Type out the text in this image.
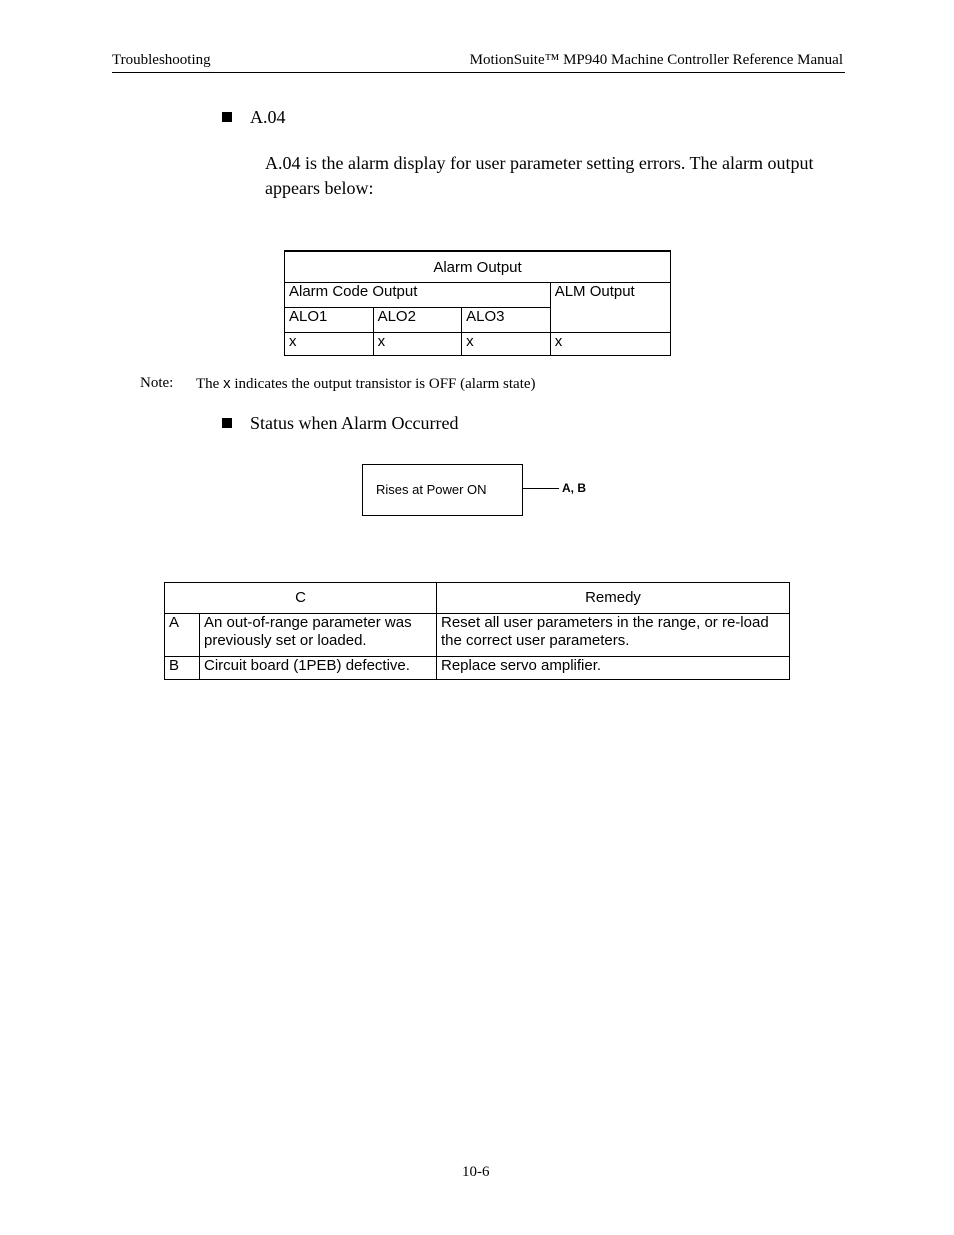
Troubleshooting	MotionSuite™ MP940 Machine Controller Reference Manual
A.04
A.04 is the alarm display for user parameter setting errors. The alarm output appears below:
Alarm Output			
Alarm Code Output			ALM Output
ALO1	ALO2	ALO3	
x	x	x	x
Note: The x indicates the output transistor is OFF (alarm state)
Status when Alarm Occurred
Rises at Power ON	A, B
C		Remedy
A	An out-of-range parameter was previously set or loaded.	Reset all user parameters in the range, or re-load the correct user parameters.
B	Circuit board (1PEB) defective.	Replace servo amplifier.
10-6
